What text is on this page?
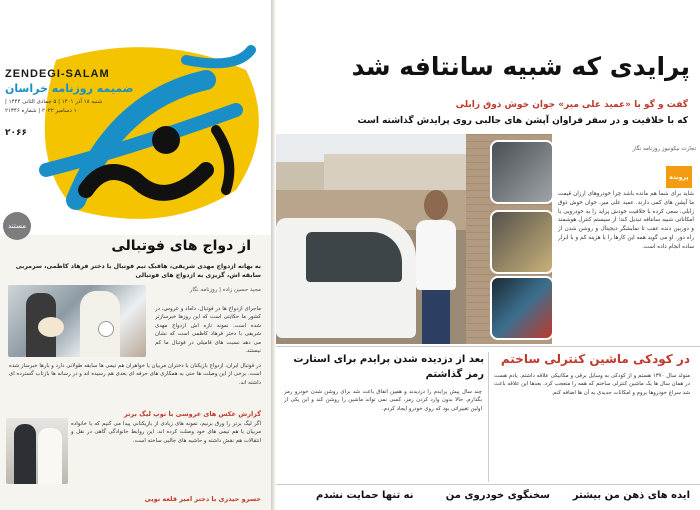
ZENDEGI-SALAM
ضمیمه روزنامه خراسان
شنبه ۱۸ آذر ۱۴۰۱ | ۵ جمادی الثانی ۱۴۴۴ | ۱۰ دسامبر ۲۰۲۲ | شماره ۲۱۳۴۶
۲۰۶۶
مستند
از دواج های فوتبالی
به بهانه ازدواج مهدی شریفی، هافبک تیم فوتبال با دختر فرهاد کاظمی، سرمربی سابقه اش، گریزی به ازدواج های فوتبالی
مجید حسین زاده | روزنامه نگار
ماجرای ازدواج ها در فوتبال، داماد و عروس، در کشور ما حکایتی است که این روزها خبرسازتر شده است. نمونه تازه اش ازدواج مهدی شریفی با دختر فرهاد کاظمی است که نشان می دهد نسبت های فامیلی در فوتبال ما کم نیستند.
در فوتبال ایران، ازدواج بازیکنان با دختران مربیان یا خواهران هم تیمی ها سابقه طولانی دارد و بارها خبرساز شده است. برخی از این وصلت ها حتی به همکاری های حرفه ای بعدی هم رسیده اند و در رسانه ها بازتاب گسترده ای داشته اند.
گزارش عکس های عروسی با توپ لیگ برتر
اگر لیگ برتر را ورق بزنیم، نمونه های زیادی از بازیکنانی پیدا می کنیم که با خانواده مربیان یا هم تیمی های خود وصلت کرده اند. این روابط خانوادگی گاهی در نقل و انتقالات هم نقش داشته و حاشیه های جالبی ساخته است.
خسرو حیدری با دختر امیر قلعه نویی
پرایدی که شبیه سانتافه شد
گفت و گو با «عمید علی میر» جوان خوش ذوق زابلی
که با خلاقیت و در سفر فراوان آپشن های جالبی روی پرایدش گذاشته است
تجارت نیکونیوز روزنامه نگار
پرونده
شاید برای شما هم مانده باشد چرا خودروهای ارزان قیمت ما آپشن های کمی دارند. عمید علی میر، جوان خوش ذوق زابلی، سعی کرده با خلاقیت خودش پراید را به خودرویی با امکاناتی شبیه سانتافه تبدیل کند؛ از سیستم کنترل هوشمند و دوربین دنده عقب تا نمایشگر دیجیتال و روشن شدن از راه دور. او می گوید همه این کارها را با هزینه کم و با ابزار ساده انجام داده است.
در کودکی ماشین کنترلی ساختم
بعد از دزدیده شدن پرایدم برای استارت رمز گذاشتم متولد سال ۱۳۷۰ هستم و از کودکی به وسایل برقی و مکانیکی علاقه داشتم. یادم هست در همان سال ها یک ماشین کنترلی ساختم که همه را متعجب کرد. بعدها این علاقه باعث شد سراغ خودروها بروم و امکانات جدیدی به آن ها اضافه کنم.
چند سال پیش پرایدم را دزدیدند و همین اتفاق باعث شد برای روشن شدن خودرو رمز بگذارم. حالا بدون وارد کردن رمز، کسی نمی تواند ماشین را روشن کند و این یکی از اولین تغییراتی بود که روی خودرو ایجاد کردم.
ایده های ذهن من بیشتر
سخنگوی خودروی من
نه تنها حمایت نشدم
